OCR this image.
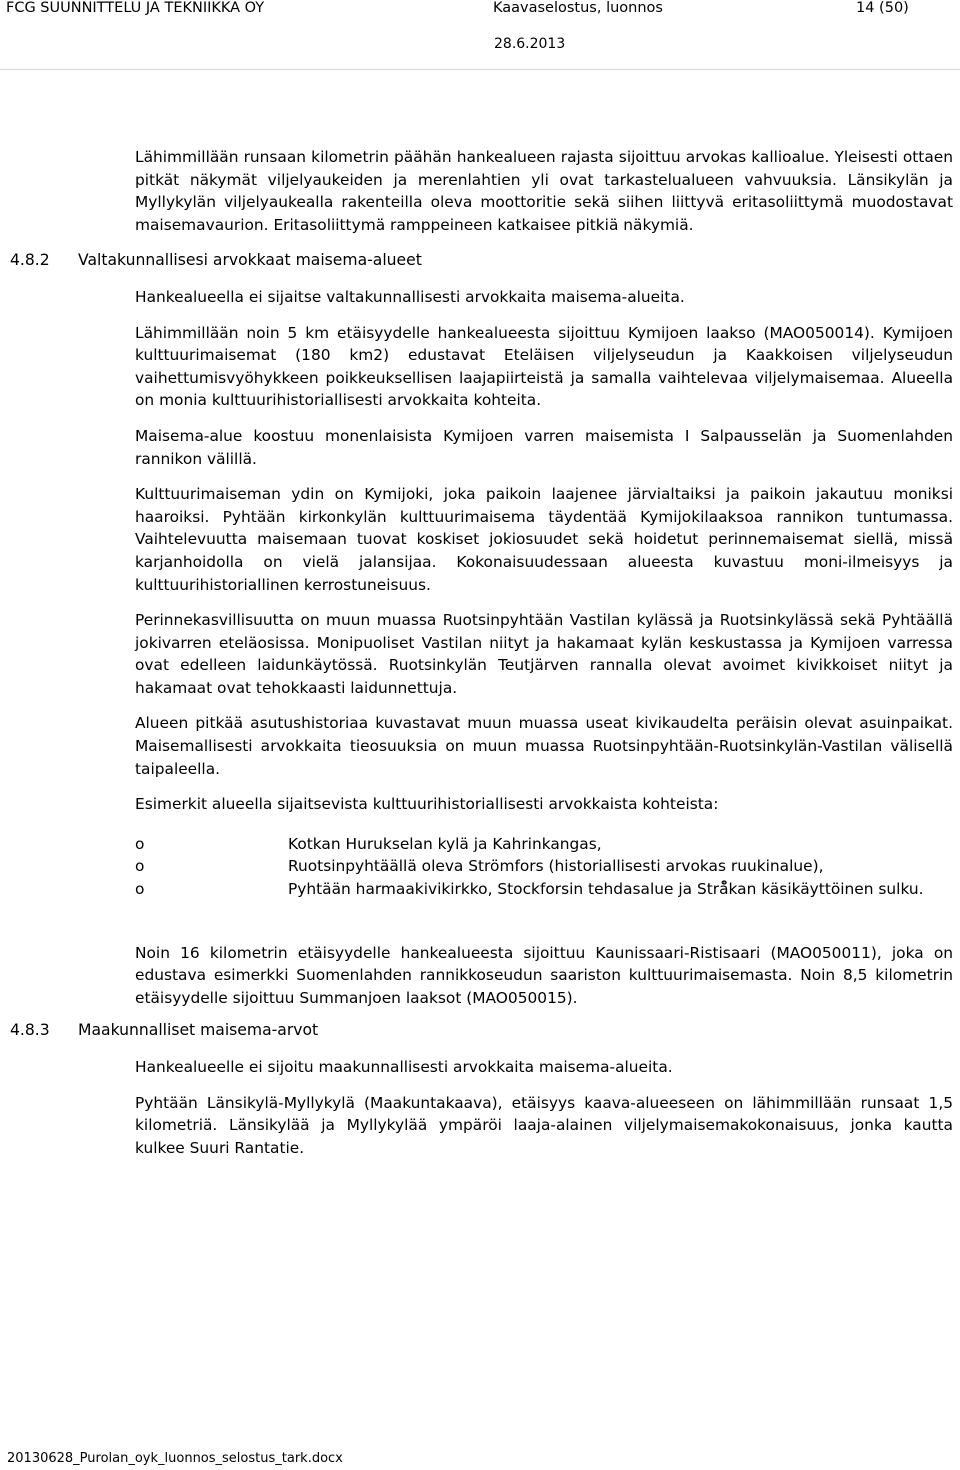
FCG SUUNNITTELU JA TEKNIIKKA OY	Kaavaselostus, luonnos	14 (50)
28.6.2013

Lähimmillään runsaan kilometrin päähän hankealueen rajasta sijoittuu arvokas kallioalue. Yleisesti ottaen pitkät näkymät viljelyaukeiden ja merenlahtien yli ovat tarkastelualueen vahvuuksia. Länsikylän ja Myllykylän viljelyaukealla rakenteilla oleva moottoritie sekä siihen liittyvä eritasoliittymä muodostavat maisemavaurion. Eritasoliittymä ramppeineen katkaisee pitkiä näkymiä.

4.8.2 Valtakunnallisesi arvokkaat maisema-alueet

Hankealueella ei sijaitse valtakunnallisesti arvokkaita maisema-alueita.

Lähimmillään noin 5 km etäisyydelle hankealueesta sijoittuu Kymijoen laakso (MAO050014). Kymijoen kulttuurimaisemat (180 km2) edustavat Eteläisen viljelyseudun ja Kaakkoisen viljelyseudun vaihettumisvyöhykkeen poikkeuksellisen laajapiirteistä ja samalla vaihtelevaa viljelymaisemaa. Alueella on monia kulttuurihistoriallisesti arvokkaita kohteita.

Maisema-alue koostuu monenlaisista Kymijoen varren maisemista I Salpausselän ja Suomenlahden rannikon välillä.

Kulttuurimaiseman ydin on Kymijoki, joka paikoin laajenee järvialtaiksi ja paikoin jakautuu moniksi haaroiksi. Pyhtään kirkonkylän kulttuurimaisema täydentää Kymijokilaaksoa rannikon tuntumassa. Vaihtelevuutta maisemaan tuovat koskiset jokiosuudet sekä hoidetut perinnemaisemat siellä, missä karjanhoidolla on vielä jalansijaa. Kokonaisuudessaan alueesta kuvastuu moni-ilmeisyys ja kulttuurihistoriallinen kerrostuneisuus.

Perinnekasvillisuutta on muun muassa Ruotsinpyhtään Vastilan kylässä ja Ruotsinkylässä sekä Pyhtäällä jokivarren eteläosissa. Monipuoliset Vastilan niityt ja hakamaat kylän keskustassa ja Kymijoen varressa ovat edelleen laidunkäytössä. Ruotsinkylän Teutjärven rannalla olevat avoimet kivikkoiset niityt ja hakamaat ovat tehokkaasti laidunnettuja.

Alueen pitkää asutushistoriaa kuvastavat muun muassa useat kivikaudelta peräisin olevat asuinpaikat. Maisemallisesti arvokkaita tieosuuksia on muun muassa Ruotsinpyhtään-Ruotsinkylän-Vastilan välisellä taipaleella.

Esimerkit alueella sijaitsevista kulttuurihistoriallisesti arvokkaista kohteista:

o	Kotkan Hurukselan kylä ja Kahrinkangas,
o	Ruotsinpyhtäällä oleva Strömfors (historiallisesti arvokas ruukinalue),
o	Pyhtään harmaakivikirkko, Stockforsin tehdasalue ja Strå̊kan käsikäyttöinen sulku.

Noin 16 kilometrin etäisyydelle hankealueesta sijoittuu Kaunissaari-Ristisaari (MAO050011), joka on edustava esimerkki Suomenlahden rannikkoseudun saariston kulttuurimaisemasta. Noin 8,5 kilometrin etäisyydelle sijoittuu Summanjoen laaksot (MAO050015).

4.8.3 Maakunnalliset maisema-arvot

Hankealueelle ei sijoitu maakunnallisesti arvokkaita maisema-alueita.

Pyhtään Länsikylä-Myllykylä (Maakuntakaava), etäisyys kaava-alueeseen on lähimmillään runsaat 1,5 kilometriä. Länsikylää ja Myllykylää ympäröi laaja-alainen viljelymaisemakokonaisuus, jonka kautta kulkee Suuri Rantatie.

20130628_Purolan_oyk_luonnos_selostus_tark.docx
